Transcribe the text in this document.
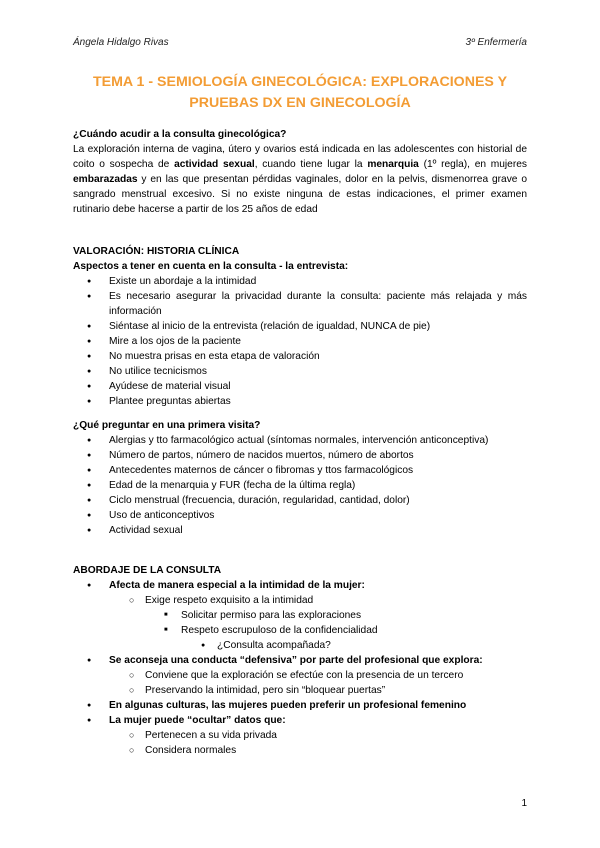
Ángela Hidalgo Rivas	3º Enfermería
TEMA 1 - SEMIOLOGÍA GINECOLÓGICA: EXPLORACIONES Y PRUEBAS DX EN GINECOLOGÍA
¿Cuándo acudir a la consulta ginecológica?
La exploración interna de vagina, útero y ovarios está indicada en las adolescentes con historial de coito o sospecha de actividad sexual, cuando tiene lugar la menarquia (1º regla), en mujeres embarazadas y en las que presentan pérdidas vaginales, dolor en la pelvis, dismenorrea grave o sangrado menstrual excesivo. Si no existe ninguna de estas indicaciones, el primer examen rutinario debe hacerse a partir de los 25 años de edad
VALORACIÓN: HISTORIA CLÍNICA
Aspectos a tener en cuenta en la consulta - la entrevista:
● Existe un abordaje a la intimidad
● Es necesario asegurar la privacidad durante la consulta: paciente más relajada y más información
● Siéntase al inicio de la entrevista (relación de igualdad, NUNCA de pie)
● Mire a los ojos de la paciente
● No muestra prisas en esta etapa de valoración
● No utilice tecnicismos
● Ayúdese de material visual
● Plantee preguntas abiertas
¿Qué preguntar en una primera visita?
● Alergias y tto farmacológico actual (síntomas normales, intervención anticonceptiva)
● Número de partos, número de nacidos muertos, número de abortos
● Antecedentes maternos de cáncer o fibromas y ttos farmacológicos
● Edad de la menarquia y FUR (fecha de la última regla)
● Ciclo menstrual (frecuencia, duración, regularidad, cantidad, dolor)
● Uso de anticonceptivos
● Actividad sexual
ABORDAJE DE LA CONSULTA
● Afecta de manera especial a la intimidad de la mujer:
○ Exige respeto exquisito a la intimidad
■ Solicitar permiso para las exploraciones
■ Respeto escrupuloso de la confidencialidad
● ¿Consulta acompañada?
● Se aconseja una conducta “defensiva” por parte del profesional que explora:
○ Conviene que la exploración se efectúe con la presencia de un tercero
○ Preservando la intimidad, pero sin “bloquear puertas”
● En algunas culturas, las mujeres pueden preferir un profesional femenino
● La mujer puede “ocultar” datos que:
○ Pertenecen a su vida privada
○ Considera normales
1
